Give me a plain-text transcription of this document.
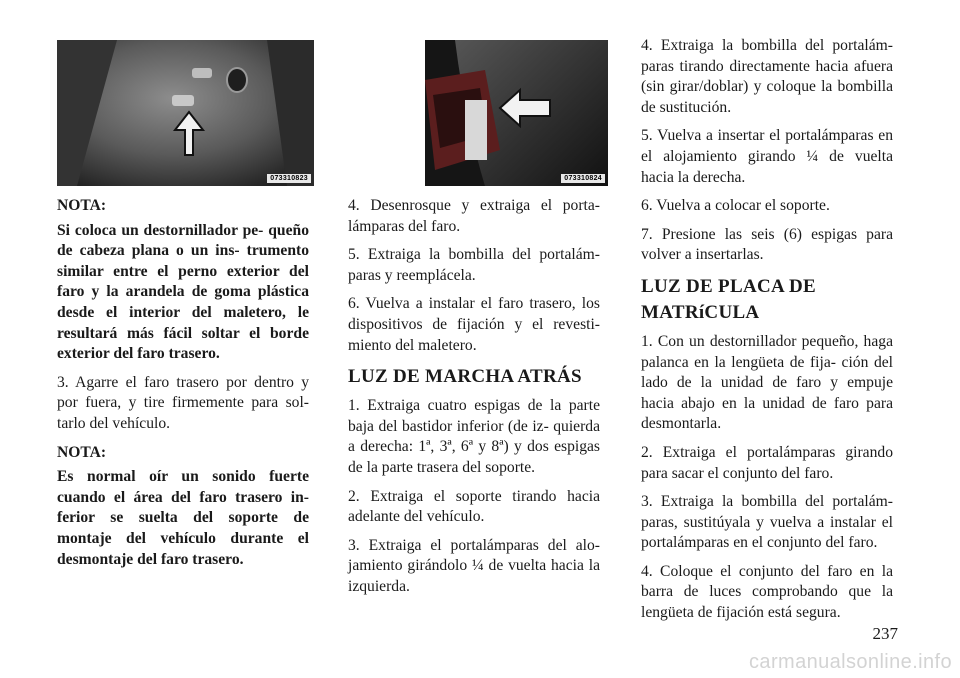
073310823	073310824

NOTA:

Si coloca un destornillador pe- queño de cabeza plana o un ins- trumento similar entre el perno exterior del faro y la arandela de goma plástica desde el interior del maletero, le resultará más fácil soltar el borde exterior del faro trasero.

3. Agarre el faro trasero por dentro y por fuera, y tire firmemente para sol- tarlo del vehículo.

NOTA:

Es normal oír un sonido fuerte cuando el área del faro trasero in- ferior se suelta del soporte de montaje del vehículo durante el desmontaje del faro trasero.

4. Desenrosque y extraiga el porta- lámparas del faro.

5. Extraiga la bombilla del portalám- paras y reemplácela.

6. Vuelva a instalar el faro trasero, los dispositivos de fijación y el revesti- miento del maletero.

LUZ DE MARCHA ATRÁS

1. Extraiga cuatro espigas de la parte baja del bastidor inferior (de iz- quierda a derecha: 1ª, 3ª, 6ª y 8ª) y dos espigas de la parte trasera del soporte.

2. Extraiga el soporte tirando hacia adelante del vehículo.

3. Extraiga el portalámparas del alo- jamiento girándolo ¼ de vuelta hacia la izquierda.

4. Extraiga la bombilla del portalám- paras tirando directamente hacia afuera (sin girar/doblar) y coloque la bombilla de sustitución.

5. Vuelva a insertar el portalámparas en el alojamiento girando ¼ de vuelta hacia la derecha.

6. Vuelva a colocar el soporte.

7. Presione las seis (6) espigas para volver a insertarlas.

LUZ DE PLACA DE
MATRíCULA

1. Con un destornillador pequeño, haga palanca en la lengüeta de fija- ción del lado de la unidad de faro y empuje hacia abajo en la unidad de faro para desmontarla.

2. Extraiga el portalámparas girando para sacar el conjunto del faro.

3. Extraiga la bombilla del portalám- paras, sustitúyala y vuelva a instalar el portalámparas en el conjunto del faro.

4. Coloque el conjunto del faro en la barra de luces comprobando que la lengüeta de fijación está segura.

237
carmanualsonline.info
